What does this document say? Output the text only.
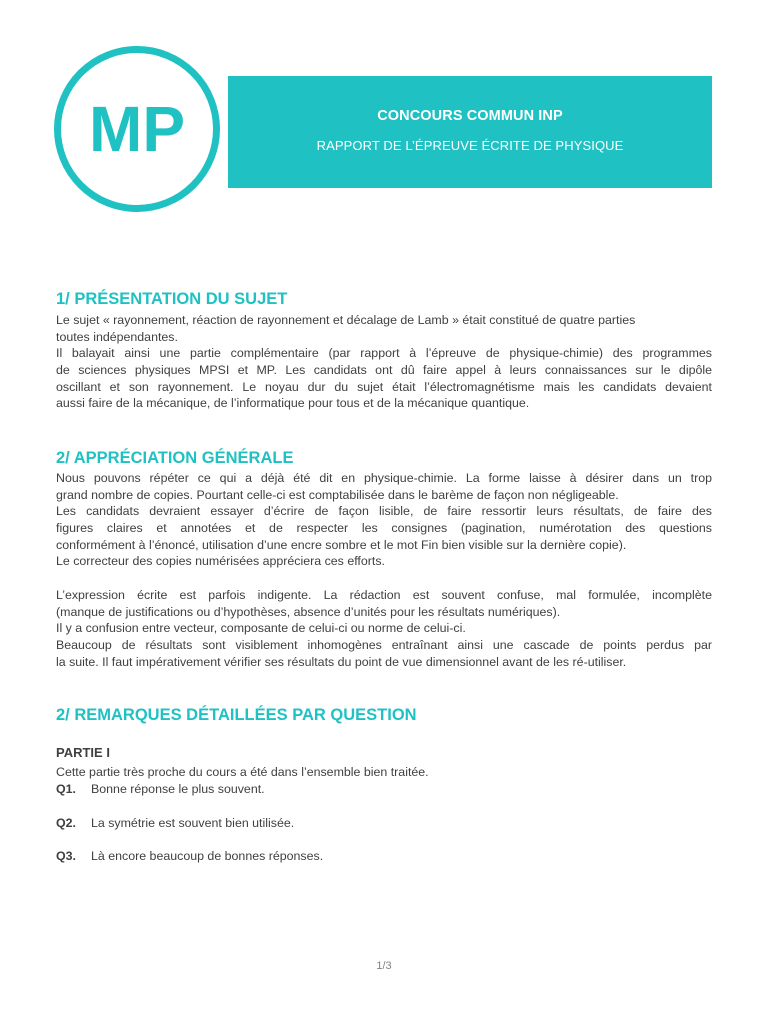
CONCOURS COMMUN INP
RAPPORT DE L’ÉPREUVE ÉCRITE DE PHYSIQUE
MP
1/ PRÉSENTATION DU SUJET
Le sujet « rayonnement, réaction de rayonnement et décalage de Lamb » était constitué de quatre parties
toutes indépendantes.
Il balayait ainsi une partie complémentaire (par rapport à l’épreuve de physique-chimie) des programmes
de sciences physiques MPSI et MP. Les candidats ont dû faire appel à leurs connaissances sur le dipôle
oscillant et son rayonnement. Le noyau dur du sujet était l’électromagnétisme mais les candidats devaient
aussi faire de la mécanique, de l’informatique pour tous et de la mécanique quantique.
2/ APPRÉCIATION GÉNÉRALE
Nous pouvons répéter ce qui a déjà été dit en physique-chimie. La forme laisse à désirer dans un trop
grand nombre de copies. Pourtant celle-ci est comptabilisée dans le barème de façon non négligeable.
Les candidats devraient essayer d’écrire de façon lisible, de faire ressortir leurs résultats, de faire des
figures claires et annotées et de respecter les consignes (pagination, numérotation des questions
conformément à l’énoncé, utilisation d’une encre sombre et le mot Fin bien visible sur la dernière copie).
Le correcteur des copies numérisées appréciera ces efforts.
L’expression écrite est parfois indigente. La rédaction est souvent confuse, mal formulée, incomplète
(manque de justifications ou d’hypothèses, absence d’unités pour les résultats numériques).
Il y a confusion entre vecteur, composante de celui-ci ou norme de celui-ci.
Beaucoup de résultats sont visiblement inhomogènes entraînant ainsi une cascade de points perdus par
la suite. Il faut impérativement vérifier ses résultats du point de vue dimensionnel avant de les ré-utiliser.
2/ REMARQUES DÉTAILLÉES PAR QUESTION
PARTIE I
Cette partie très proche du cours a été dans l’ensemble bien traitée.
Q1. Bonne réponse le plus souvent.
Q2. La symétrie est souvent bien utilisée.
Q3. Là encore beaucoup de bonnes réponses.
1/3
